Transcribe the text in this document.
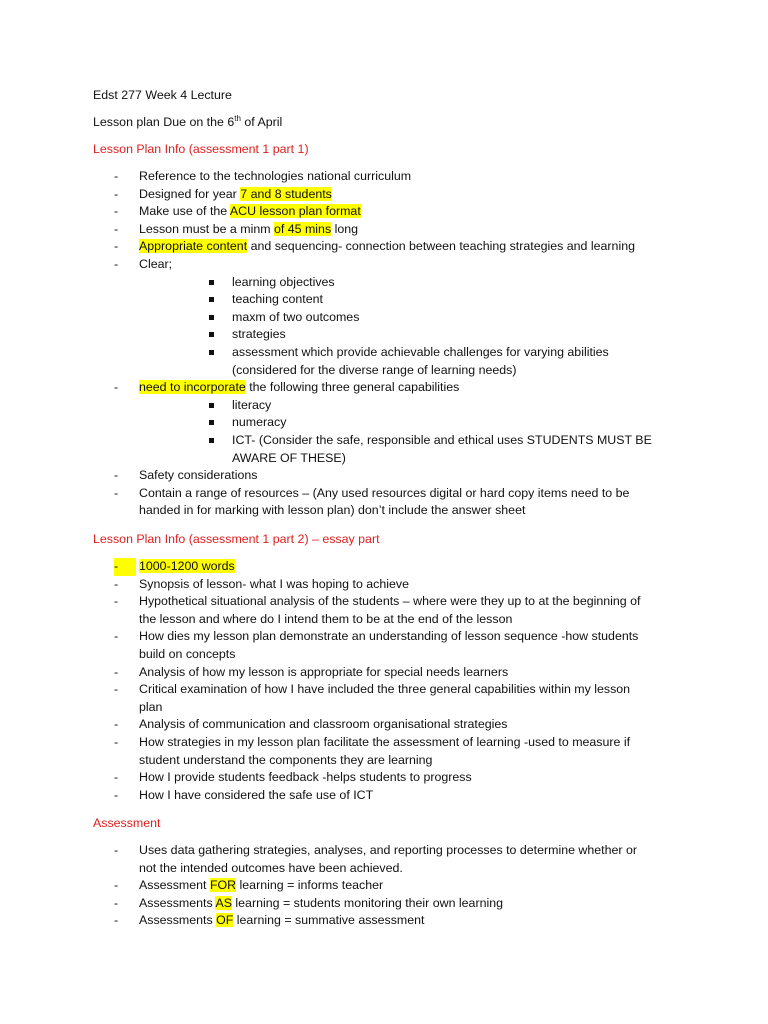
Edst 277 Week 4 Lecture
Lesson plan Due on the 6th of April
Lesson Plan Info (assessment 1 part 1)
- Reference to the technologies national curriculum
- Designed for year 7 and 8 students
- Make use of the ACU lesson plan format
- Lesson must be a minm of 45 mins long
- Appropriate content and sequencing- connection between teaching strategies and learning
- Clear;
learning objectives
teaching content
maxm of two outcomes
strategies
assessment which provide achievable challenges for varying abilities
(considered for the diverse range of learning needs)
- need to incorporate the following three general capabilities
literacy
numeracy
ICT- (Consider the safe, responsible and ethical uses STUDENTS MUST BE
AWARE OF THESE)
- Safety considerations
- Contain a range of resources – (Any used resources digital or hard copy items need to be
handed in for marking with lesson plan) don’t include the answer sheet
Lesson Plan Info (assessment 1 part 2) – essay part
1000-1200 words
-
- Synopsis of lesson- what I was hoping to achieve
- Hypothetical situational analysis of the students – where were they up to at the beginning of
the lesson and where do I intend them to be at the end of the lesson
- How dies my lesson plan demonstrate an understanding of lesson sequence -how students
build on concepts
- Analysis of how my lesson is appropriate for special needs learners
- Critical examination of how I have included the three general capabilities within my lesson
plan
- Analysis of communication and classroom organisational strategies
- How strategies in my lesson plan facilitate the assessment of learning -used to measure if
student understand the components they are learning
- How I provide students feedback -helps students to progress
- How I have considered the safe use of ICT
Assessment
- Uses data gathering strategies, analyses, and reporting processes to determine whether or
not the intended outcomes have been achieved.
- Assessment FOR learning = informs teacher
- Assessments AS learning = students monitoring their own learning
- Assessments OF learning = summative assessment
